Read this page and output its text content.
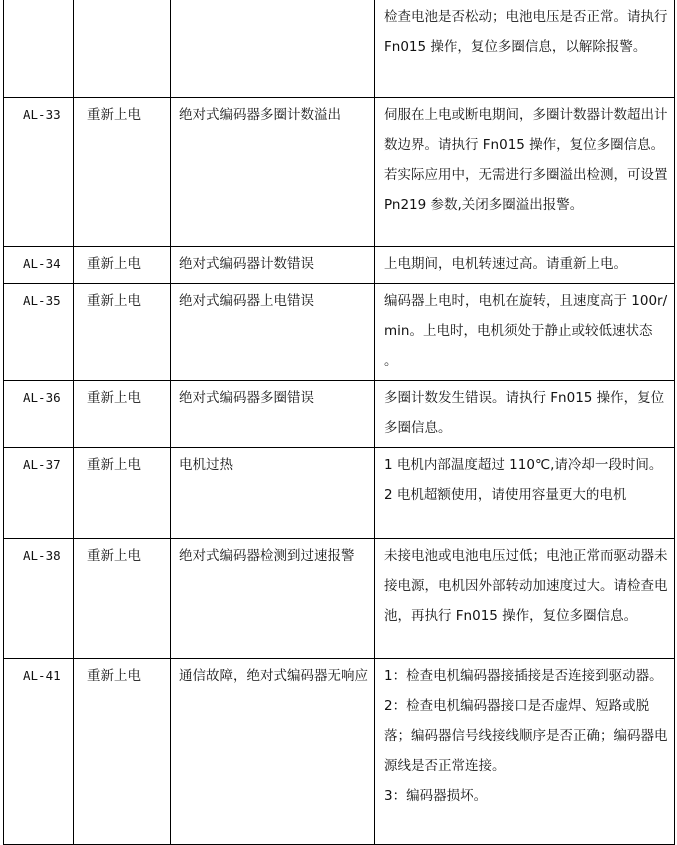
			检查电池是否松动；电池电压是否正常。请执行 Fn015 操作，复位多圈信息，以解除报警。

AL-33	重新上电	绝对式编码器多圈计数溢出	伺服在上电或断电期间，多圈计数器计数超出计数边界。请执行 Fn015 操作，复位多圈信息。若实际应用中，无需进行多圈溢出检测，可设置 Pn219 参数,关闭多圈溢出报警。

AL-34	重新上电	绝对式编码器计数错误	上电期间，电机转速过高。请重新上电。

AL-35	重新上电	绝对式编码器上电错误	编码器上电时，电机在旋转，且速度高于 100r/min。上电时，电机须处于静止或较低速状态 。

AL-36	重新上电	绝对式编码器多圈错误	多圈计数发生错误。请执行 Fn015 操作，复位多圈信息。

AL-37	重新上电	电机过热	1 电机内部温度超过 110℃,请冷却一段时间。
2 电机超额使用，请使用容量更大的电机

AL-38	重新上电	绝对式编码器检测到过速报警	未接电池或电池电压过低；电池正常而驱动器未接电源，电机因外部转动加速度过大。请检查电池，再执行 Fn015 操作，复位多圈信息。

AL-41	重新上电	通信故障，绝对式编码器无响应	1：检查电机编码器接插接是否连接到驱动器。
2：检查电机编码器接口是否虚焊、短路或脱落；编码器信号线接线顺序是否正确；编码器电源线是否正常连接。
3：编码器损坏。
